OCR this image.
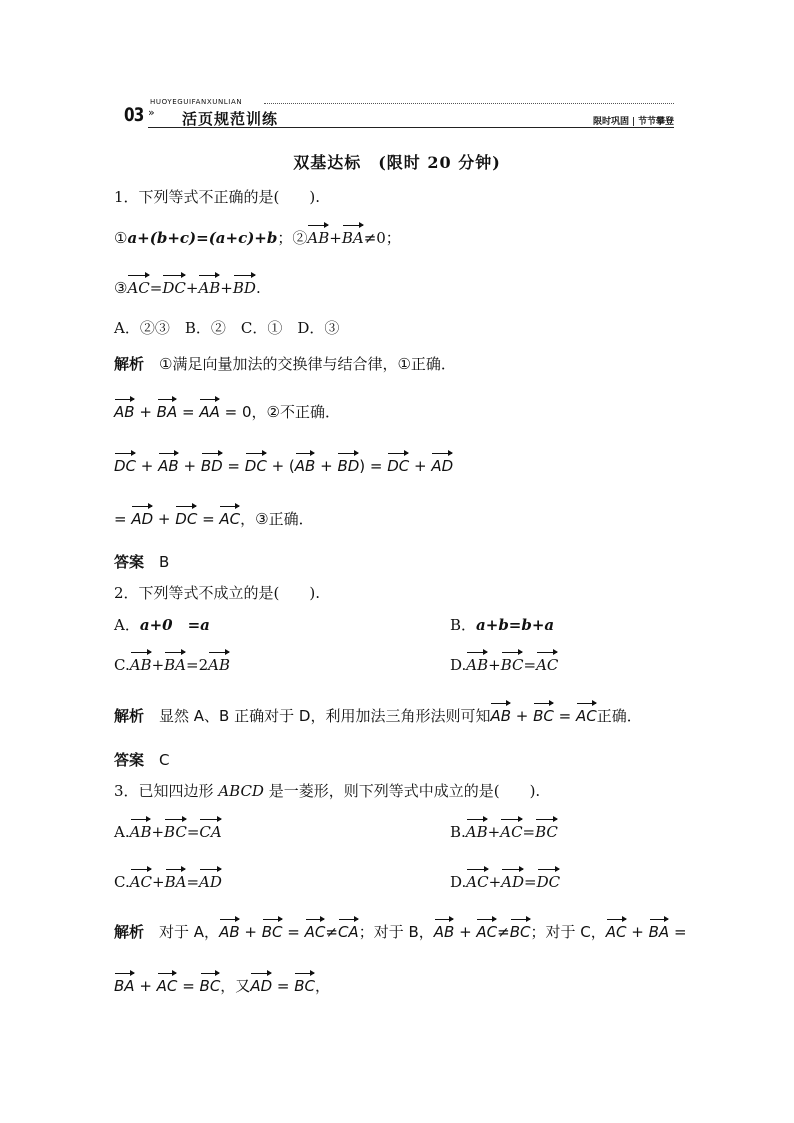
03 »
HUOYEGUIFANXUNLIAN
活页规范训练	限时巩固 节节攀登
双基达标　(限时 20 分钟)
1．下列等式不正确的是(　　).
①a+(b+c)=(a+c)+b；②AB+BA≠0；
③AC=DC+AB+BD.
A．②③　B．②　C．①　D．③
解析　 ①满足向量加法的交换律与结合律，①正确．
AB + BA = AA = 0，②不正确．
DC + AB + BD = DC + (AB + BD) = DC + AD
= AD + DC = AC，③正确．
答案　 B
2．下列等式不成立的是(　　).
A．a+0　=a	B．a+b=b+a
C.AB+BA=2AB	D.AB+BC=AC
解析　 显然 A、B 正确对于 D，利用加法三角形法则可知AB + BC = AC正确．
答案　 C
3．已知四边形 ABCD 是一菱形，则下列等式中成立的是(　　).
A.AB+BC=CA	B.AB+AC=BC
C.AC+BA=AD	D.AC+AD=DC
解析　 对于 A，AB + BC = AC≠CA；对于 B，AB + AC≠BC；对于 C，AC + BA =
BA + AC = BC，又AD = BC，
